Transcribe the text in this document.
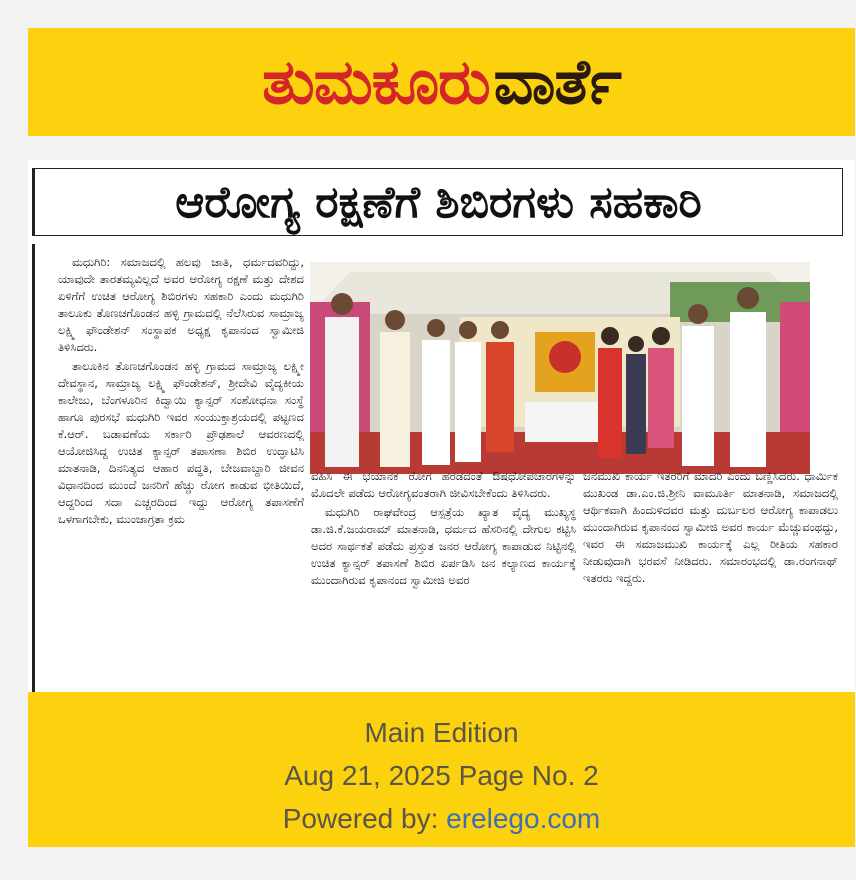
ತುಮಕೂರು ವಾರ್ತೆ
ಆರೋಗ್ಯ ರಕ್ಷಣೆಗೆ ಶಿಬಿರಗಳು ಸಹಕಾರಿ

ಮಧುಗಿರಿ: ಸಮಾಜದಲ್ಲಿ ಹಲವು ಜಾತಿ, ಧರ್ಮದವರಿದ್ದು, ಯಾವುದೇ ತಾರತಮ್ಯವಿಲ್ಲದೆ ಅವರ ಆರೋಗ್ಯ ರಕ್ಷಣೆ ಮತ್ತು ದೇಶದ ಏಳಿಗೆಗೆ ಉಚಿತ ಆರೋಗ್ಯ ಶಿಬಿರಗಳು ಸಹಕಾರಿ ಎಂದು ಮಧುಗಿರಿ ತಾಲೂಕು ತೊಣಚಗೊಂಡನ ಹಳ್ಳಿ ಗ್ರಾಮದಲ್ಲಿ ನೆಲೆಸಿರುವ ಸಾಮ್ರಾಜ್ಯ ಲಕ್ಷ್ಮಿ ಫೌಂಡೇಶನ್ ಸಂಸ್ಥಾಪಕ ಅಧ್ಯಕ್ಷ ಕೃಪಾನಂದ ಸ್ವಾಮೀಜಿ ತಿಳಿಸಿದರು.

ತಾಲೂಕಿನ ತೊಣಚಗೊಂಡನ ಹಳ್ಳಿ ಗ್ರಾಮದ ಸಾಮ್ರಾಜ್ಯ ಲಕ್ಷ್ಮೀ ದೇವಸ್ಥಾನ, ಸಾಮ್ರಾಜ್ಯ ಲಕ್ಷ್ಮಿ ಫೌಂಡೇಶನ್, ಶ್ರೀದೇವಿ ವೈದ್ಯಕೀಯ ಕಾಲೇಜು, ಬೆಂಗಳೂರಿನ ಕಿದ್ವಾಯಿ ಕ್ಯಾನ್ಸರ್ ಸಂಶೋಧನಾ ಸಂಸ್ಥೆ ಹಾಗೂ ಪುರಸಭೆ ಮಧುಗಿರಿ ಇವರ ಸಂಯುಕ್ತಾಶ್ರಯದಲ್ಲಿ ಪಟ್ಟಣದ ಕೆ.ಆರ್. ಬಡಾವಣೆಯ ಸರ್ಕಾರಿ ಪ್ರೌಢಶಾಲೆ ಆವರಣದಲ್ಲಿ ಆಯೋಜಿಸಿದ್ದ ಉಚಿತ ಕ್ಯಾನ್ಸರ್ ತಪಾಸಣಾ ಶಿಬಿರ ಉದ್ಘಾಟಿಸಿ ಮಾತನಾಡಿ, ದಿನನಿತ್ಯದ ಆಹಾರ ಪದ್ಧತಿ, ಬೇಜವಾಬ್ದಾರಿ ಜೀವನ ವಿಧಾನದಿಂದ ಮುಂದೆ ಜನರಿಗೆ ಹೆಚ್ಚು ರೋಗ ಕಾಡುವ ಭೀತಿಯಿದೆ, ಆದ್ದರಿಂದ ಸದಾ ಎಚ್ಚರದಿಂದ ಇದ್ದು ಆರೋಗ್ಯ ತಪಾಸಣೆಗೆ ಒಳಗಾಗಬೇಕು, ಮುಂಜಾಗ್ರತಾ ಕ್ರಮ

ವಹಿಸಿ ಈ ಭಯಾನಕ ರೋಗ ಹರಡದಂತೆ ಔಷಧೋಪಚಾರಗಳನ್ನು ಮೊದಲೇ ಪಡೆದು ಆರೋಗ್ಯವಂತರಾಗಿ ಜೀವಿಸಬೇಕೆಂದು ತಿಳಿಸಿದರು.

ಮಧುಗಿರಿ ರಾಘವೇಂದ್ರ ಆಸ್ಪತ್ರೆಯ ಖ್ಯಾತ ವೈದ್ಯ ಮುಖ್ಯಸ್ಥ ಡಾ.ಜಿ.ಕೆ.ಜಯರಾಮ್ ಮಾತನಾಡಿ, ಧರ್ಮದ ಹೆಸರಿನಲ್ಲಿ ದೇಗುಲ ಕಟ್ಟಿಸಿ ಅದರ ಸಾರ್ಥಕತೆ ಪಡೆದು ಪ್ರಸ್ತುತ ಜನರ ಆರೋಗ್ಯ ಕಾಪಾಡುವ ನಿಟ್ಟಿನಲ್ಲಿ ಉಚಿತ ಕ್ಯಾನ್ಸರ್ ತಪಾಸಣೆ ಶಿಬಿರ ಏರ್ಪಡಿಸಿ ಜನ ಕಲ್ಯಾಣದ ಕಾರ್ಯಕ್ಕೆ ಮುಂದಾಗಿರುವ ಕೃಪಾನಂದ ಸ್ವಾಮೀಜಿ ಅವರ

ಜನಮುಖಿ ಕಾರ್ಯ ಇತರರಿಗೆ ಮಾದರಿ ಎಂದು ಬಣ್ಣಿಸಿದರು. ಧಾರ್ಮಿಕ ಮುಖಂಡ ಡಾ.ಎಂ.ಜಿ.ಶ್ರೀನಿ ವಾಮೂರ್ತಿ ಮಾತನಾಡಿ, ಸಮಾಜದಲ್ಲಿ ಆರ್ಥಿಕವಾಗಿ ಹಿಂದುಳಿದವರ ಮತ್ತು ದುರ್ಬಲರ ಆರೋಗ್ಯ ಕಾಪಾಡಲು ಮುಂದಾಗಿರುವ ಕೃಪಾನಂದ ಸ್ವಾಮೀಜಿ ಅವರ ಕಾರ್ಯ ಮೆಚ್ಚುವಂಥದ್ದು, ಇವರ ಈ ಸಮಾಜಮುಖಿ ಕಾರ್ಯಕ್ಕೆ ಎಲ್ಲ ರೀತಿಯ ಸಹಕಾರ ನೀಡುವುದಾಗಿ ಭರವಸೆ ನೀಡಿದರು. ಸಮಾರಂಭದಲ್ಲಿ ಡಾ.ರಂಗನಾಥ್ ಇತರರು ಇದ್ದರು.

Main Edition
Aug 21, 2025 Page No. 2
Powered by: erelego.com
